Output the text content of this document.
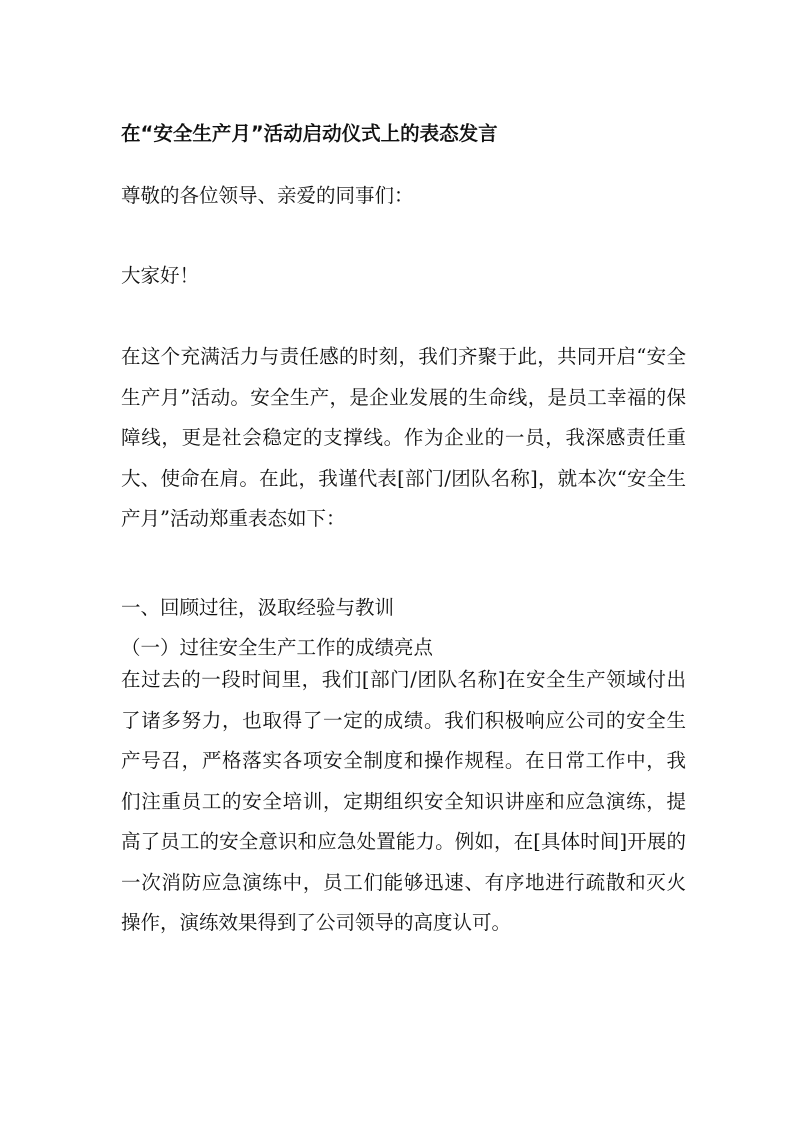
在“安全生产月”活动启动仪式上的表态发言
尊敬的各位领导、亲爱的同事们：
大家好！
在这个充满活力与责任感的时刻，我们齐聚于此，共同开启“安全生产月”活动。安全生产，是企业发展的生命线，是员工幸福的保障线，更是社会稳定的支撑线。作为企业的一员，我深感责任重大、使命在肩。在此，我谨代表[部门/团队名称]，就本次“安全生产月”活动郑重表态如下：
一、回顾过往，汲取经验与教训
（一）过往安全生产工作的成绩亮点
在过去的一段时间里，我们[部门/团队名称]在安全生产领域付出了诸多努力，也取得了一定的成绩。我们积极响应公司的安全生产号召，严格落实各项安全制度和操作规程。在日常工作中，我们注重员工的安全培训，定期组织安全知识讲座和应急演练，提高了员工的安全意识和应急处置能力。例如，在[具体时间]开展的一次消防应急演练中，员工们能够迅速、有序地进行疏散和灭火操作，演练效果得到了公司领导的高度认可。
